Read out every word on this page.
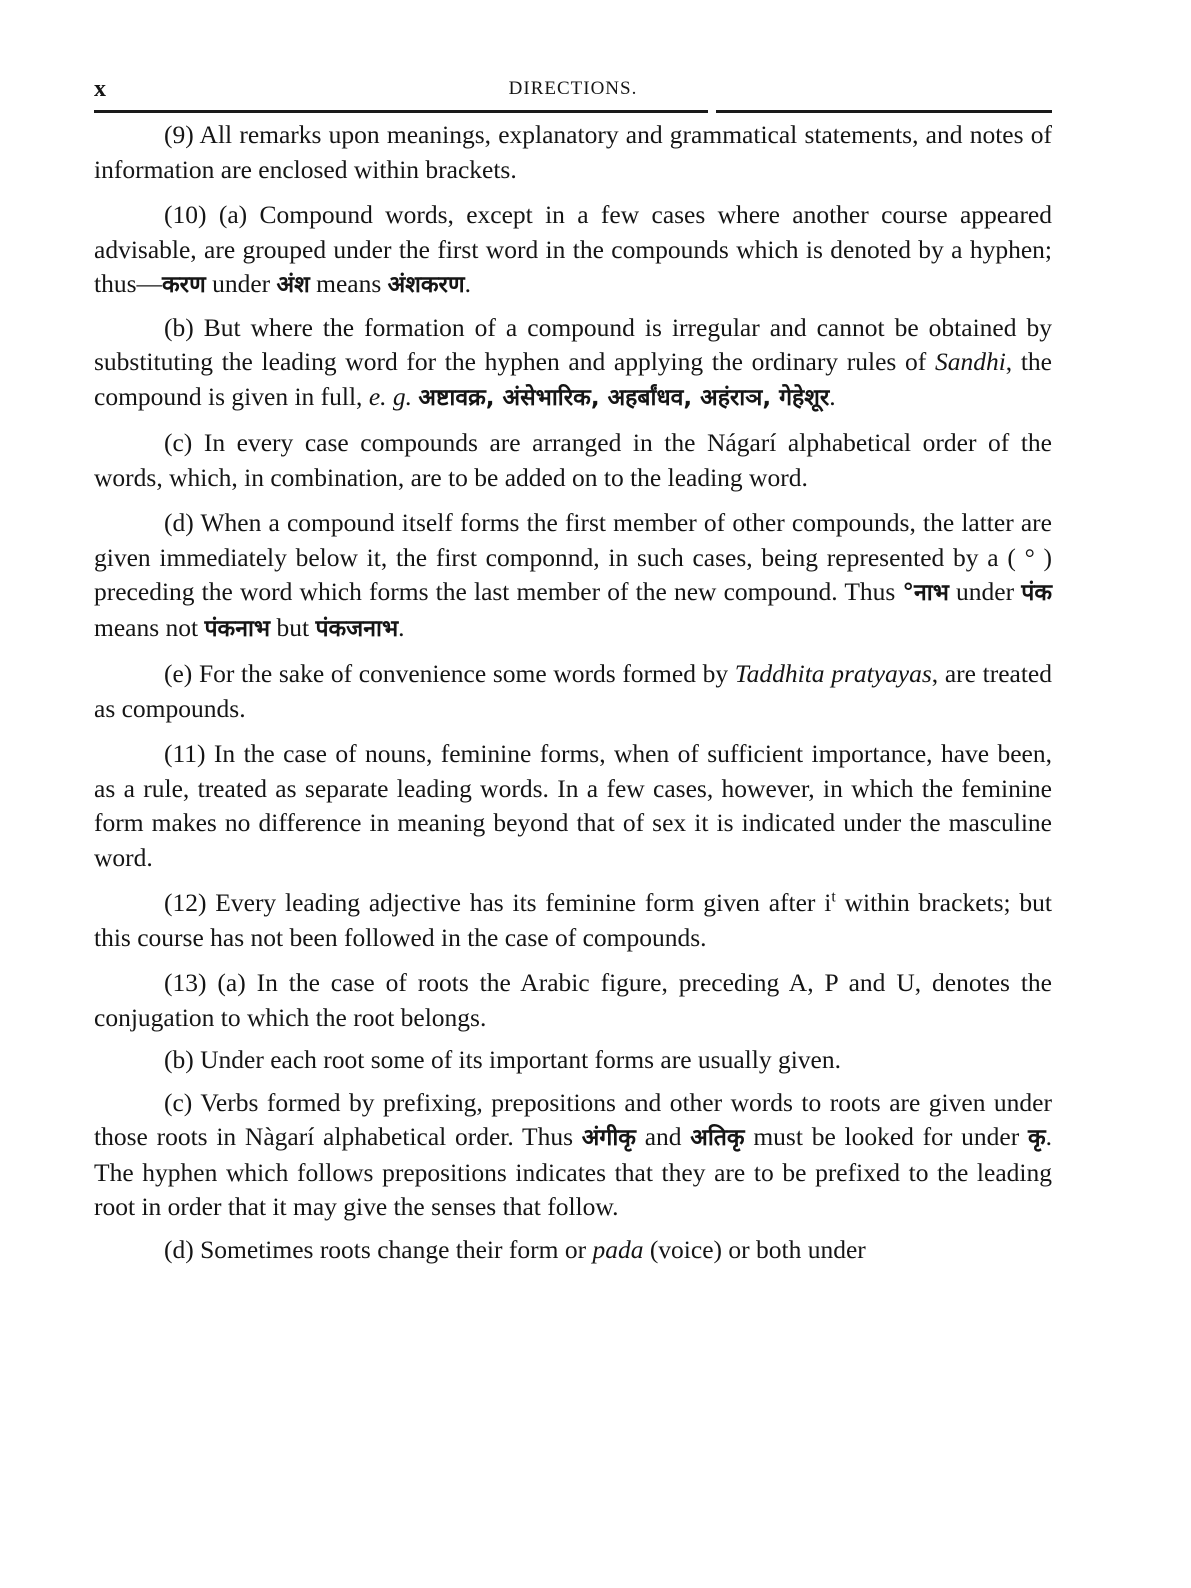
x	DIRECTIONS.

(9) All remarks upon meanings, explanatory and grammatical statements, and notes of information are enclosed within brackets.

(10) (a) Compound words, except in a few cases where another course appeared advisable, are grouped under the first word in the compounds which is denoted by a hyphen; thus—करण under अंश means अंशकरण.

(b) But where the formation of a compound is irregular and cannot be obtained by substituting the leading word for the hyphen and applying the ordinary rules of Sandhi, the compound is given in full, e. g. अष्टावक्र, अंसेभारिक, अहर्बांधव, अहंराञ, गेहेशूर.

(c) In every case compounds are arranged in the Nágarí alphabetical order of the words, which, in combination, are to be added on to the leading word.

(d) When a compound itself forms the first member of other compounds, the latter are given immediately below it, the first componnd, in such cases, being represented by a ( ° ) preceding the word which forms the last member of the new compound. Thus °नाभ under पंक means not पंकनाभ but पंकजनाभ.

(e) For the sake of convenience some words formed by Taddhita pratyayas, are treated as compounds.

(11) In the case of nouns, feminine forms, when of sufficient importance, have been, as a rule, treated as separate leading words. In a few cases, however, in which the feminine form makes no difference in meaning beyond that of sex it is indicated under the masculine word.

(12) Every leading adjective has its feminine form given after $i^t$ within brackets; but this course has not been followed in the case of compounds.

(13) (a) In the case of roots the Arabic figure, preceding A, P and U, denotes the conjugation to which the root belongs.

(b) Under each root some of its important forms are usually given.

(c) Verbs formed by prefixing, prepositions and other words to roots are given under those roots in Nàgarí alphabetical order. Thus अंगीकृ and अतिकृ must be looked for under कृ. The hyphen which follows prepositions indicates that they are to be prefixed to the leading root in order that it may give the senses that follow.

(d) Sometimes roots change their form or pada (voice) or both under
